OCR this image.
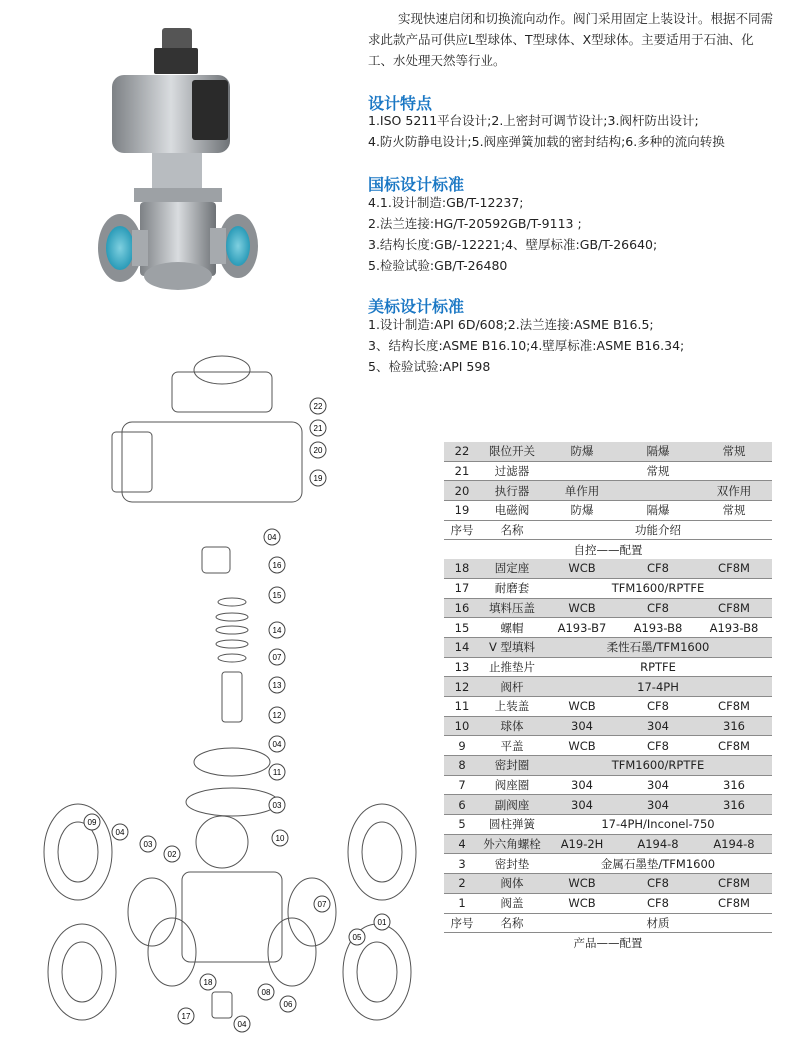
实现快速启闭和切换流向动作。阀门采用固定上装设计。根据不同需求此款产品可供应L型球体、T型球体、X型球体。主要适用于石油、化工、水处理天然等行业。
设计特点
1.ISO 5211平台设计;2.上密封可调节设计;3.阀杆防出设计;
4.防火防静电设计;5.阀座弹簧加载的密封结构;6.多种的流向转换
国标设计标准
4.1.设计制造:GB/T-12237;
2.法兰连接:HG/T-20592GB/T-9113 ;
3.结构长度:GB/-12221;4、壁厚标准:GB/T-26640;
5.检验试验:GB/T-26480
美标设计标准
1.设计制造:API 6D/608;2.法兰连接:ASME B16.5;
3、结构长度:ASME B16.10;4.壁厚标准:ASME B16.34;
5、检验试验:API 598
22
21
20
19
04
16
15
14
07
13
12
04
11
03
10
09
04
03
02
07
05
01
18
08
06
17
04
22	限位开关	防爆	隔爆	常规
21	过滤器	常规		
20	执行器	单作用		双作用
19	电磁阀	防爆	隔爆	常规
序号	名称	功能介绍		
自控——配置				
18	固定座	WCB	CF8	CF8M
17	耐磨套	TFM1600/RPTFE		
16	填料压盖	WCB	CF8	CF8M
15	螺帽	A193-B7	A193-B8	A193-B8
14	V 型填料	柔性石墨/TFM1600		
13	止推垫片	RPTFE		
12	阀杆	17-4PH		
11	上装盖	WCB	CF8	CF8M
10	球体	304	304	316
9	平盖	WCB	CF8	CF8M
8	密封圈	TFM1600/RPTFE		
7	阀座圈	304	304	316
6	副阀座	304	304	316
5	圆柱弹簧	17-4PH/Inconel-750		
4	外六角螺栓	A19-2H	A194-8	A194-8
3	密封垫	金属石墨垫/TFM1600		
2	阀体	WCB	CF8	CF8M
1	阀盖	WCB	CF8	CF8M
序号	名称	材质		
产品——配置				
